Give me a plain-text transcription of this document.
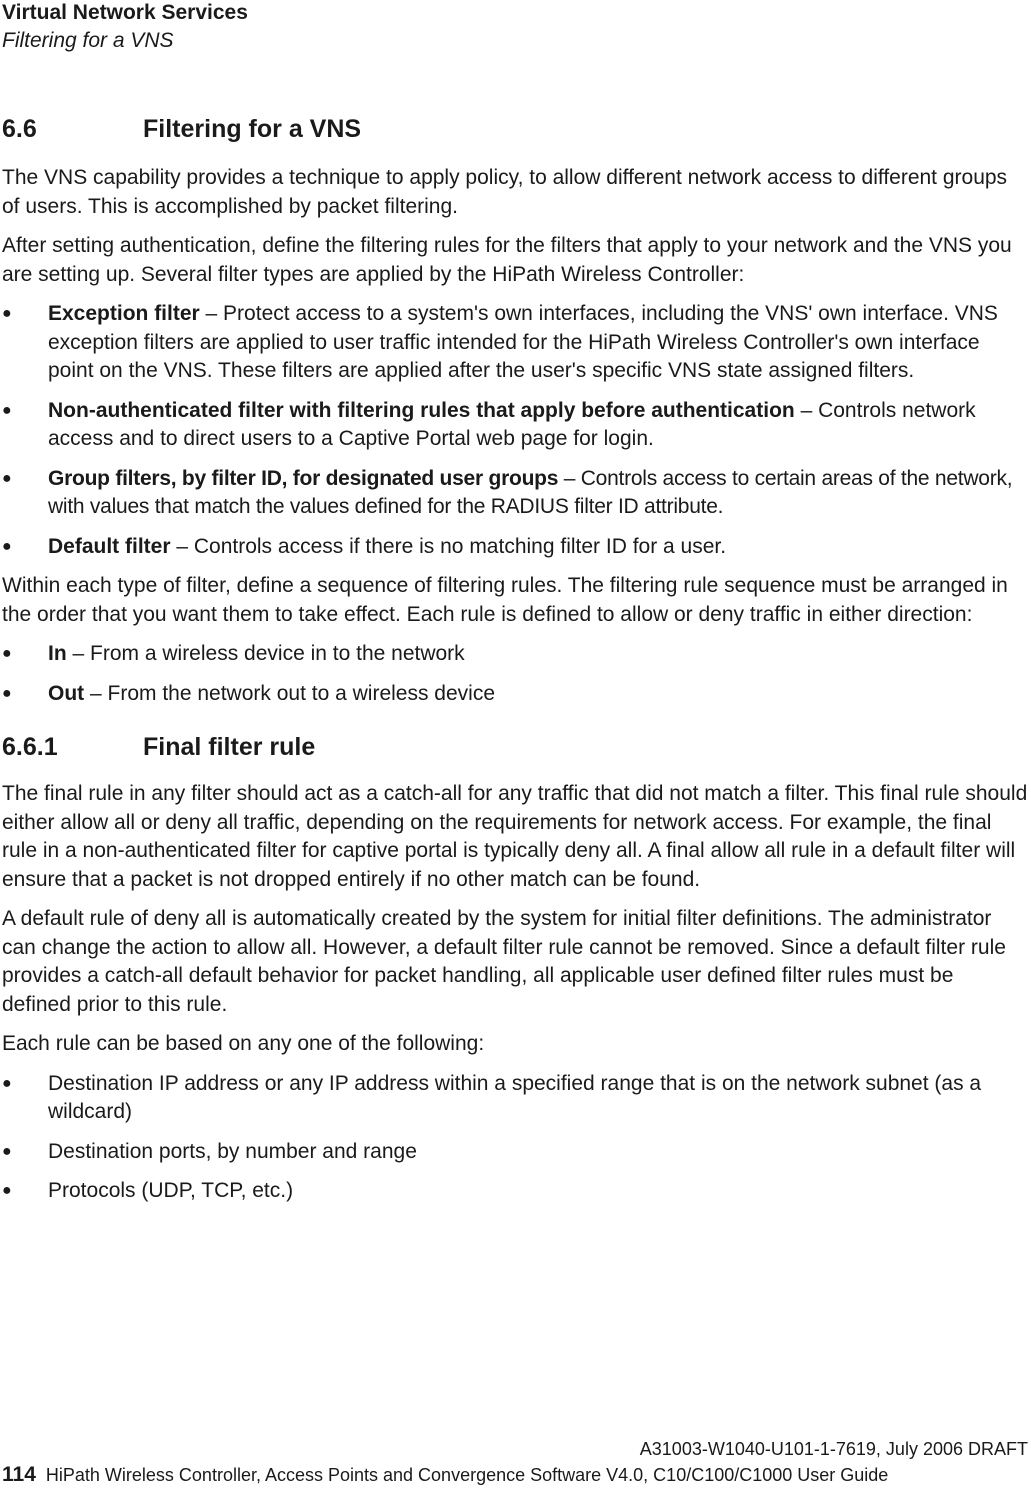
Virtual Network Services
Filtering for a VNS
6.6	Filtering for a VNS
The VNS capability provides a technique to apply policy, to allow different network access to different groups of users. This is accomplished by packet filtering.
After setting authentication, define the filtering rules for the filters that apply to your network and the VNS you are setting up. Several filter types are applied by the HiPath Wireless Controller:
●	Exception filter – Protect access to a system's own interfaces, including the VNS' own interface. VNS exception filters are applied to user traffic intended for the HiPath Wireless Controller's own interface point on the VNS. These filters are applied after the user's specific VNS state assigned filters.
●	Non-authenticated filter with filtering rules that apply before authentication – Controls network access and to direct users to a Captive Portal web page for login.
●	Group filters, by filter ID, for designated user groups – Controls access to certain areas of the network, with values that match the values defined for the RADIUS filter ID attribute.
●	Default filter – Controls access if there is no matching filter ID for a user.
Within each type of filter, define a sequence of filtering rules. The filtering rule sequence must be arranged in the order that you want them to take effect. Each rule is defined to allow or deny traffic in either direction:
●	In – From a wireless device in to the network
●	Out – From the network out to a wireless device
6.6.1	Final filter rule
The final rule in any filter should act as a catch-all for any traffic that did not match a filter. This final rule should either allow all or deny all traffic, depending on the requirements for network access. For example, the final rule in a non-authenticated filter for captive portal is typically deny all. A final allow all rule in a default filter will ensure that a packet is not dropped entirely if no other match can be found.
A default rule of deny all is automatically created by the system for initial filter definitions. The administrator can change the action to allow all. However, a default filter rule cannot be removed. Since a default filter rule provides a catch-all default behavior for packet handling, all applicable user defined filter rules must be defined prior to this rule.
Each rule can be based on any one of the following:
●	Destination IP address or any IP address within a specified range that is on the network subnet (as a wildcard)
●	Destination ports, by number and range
●	Protocols (UDP, TCP, etc.)
A31003-W1040-U101-1-7619, July 2006 DRAFT
114 HiPath Wireless Controller, Access Points and Convergence Software V4.0, C10/C100/C1000 User Guide
